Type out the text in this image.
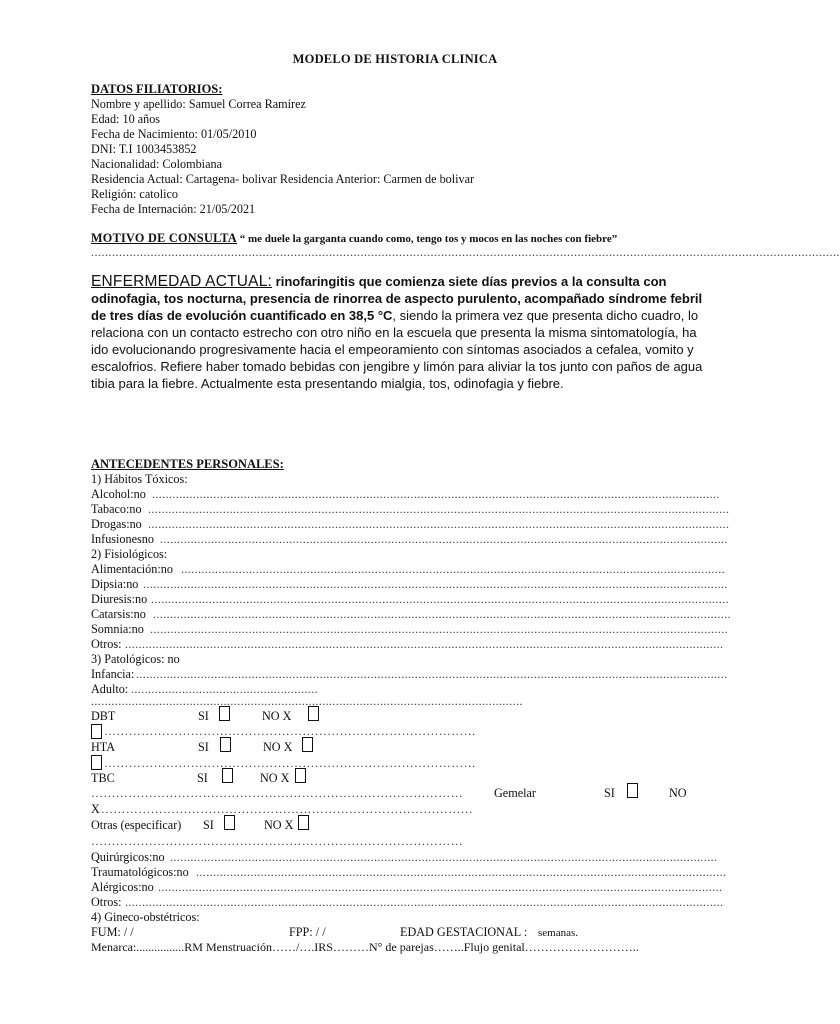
MODELO DE HISTORIA CLINICA
DATOS FILIATORIOS:
Nombre y apellido: Samuel Correa Ramírez
Edad: 10 años
Fecha de Nacimiento: 01/05/2010
DNI: T.I 1003453852
Nacionalidad: Colombiana
Residencia Actual: Cartagena- bolivar Residencia Anterior: Carmen de bolivar
Religión: catolico
Fecha de Internación: 21/05/2021
MOTIVO DE CONSULTA “ me duele la garganta cuando como, tengo tos y mocos en las noches con fiebre”
......................................................................................................................................................................................................................
ENFERMEDAD ACTUAL: rinofaringitis que comienza siete días previos a la consulta con odinofagia, tos nocturna, presencia de rinorrea de aspecto purulento, acompañado síndrome febril de tres días de evolución cuantificado en 38,5 °C, siendo la primera vez que presenta dicho cuadro, lo relaciona con un contacto estrecho con otro niño en la escuela que presenta la misma sintomatología, ha ido evolucionando progresivamente hacia el empeoramiento con síntomas asociados a cefalea, vomito y escalofrios. Refiere haber tomado bebidas con jengibre y limón para aliviar la tos junto con paños de agua tibia para la fiebre. Actualmente esta presentando mialgia, tos, odinofagia y fiebre.
ANTECEDENTES PERSONALES:
1) Hábitos Tóxicos:
Alcohol:no .......................................................................................................................................................................
Tabaco:no ...........................................................................................................................................................................
Drogas:no ...........................................................................................................................................................................
Infusionesno .......................................................................................................................................................................
2) Fisiológicos:
Alimentación:no ................................................................................................................................................................
Dipsia:no ............................................................................................................................................................................
Diuresis:no ..........................................................................................................................................................................
Catarsis:no ..........................................................................................................................................................................
Somnia:no ..........................................................................................................................................................................
Otros: ................................................................................................................................................................................
3) Patológicos: no
Infancia: ..............................................................................................................................................................................
Adulto: .......................................................
...............................................................................................................................
DBT	SI	NO X
………………………………………………………………………………
HTA	SI	NO X
………………………………………………………………………………
TBC	SI	NO X
………………………………………………………………………………	Gemelar	SI	NO
X ………………………………………………………………………………
Otras (especificar) SI	NO X
………………………………………………………………………………
Quirúrgicos:no .................................................................................................................................................................
Traumatológicos:no ............................................................................................................................................................
Alérgicos:no ......................................................................................................................................................................
Otros: ................................................................................................................................................................................
4) Gineco-obstétricos:
FUM: / /	FPP: / /	EDAD GESTACIONAL : semanas.
Menarca:................RM Menstruación……/….IRS………N° de parejas……..Flujo genital………………………..
